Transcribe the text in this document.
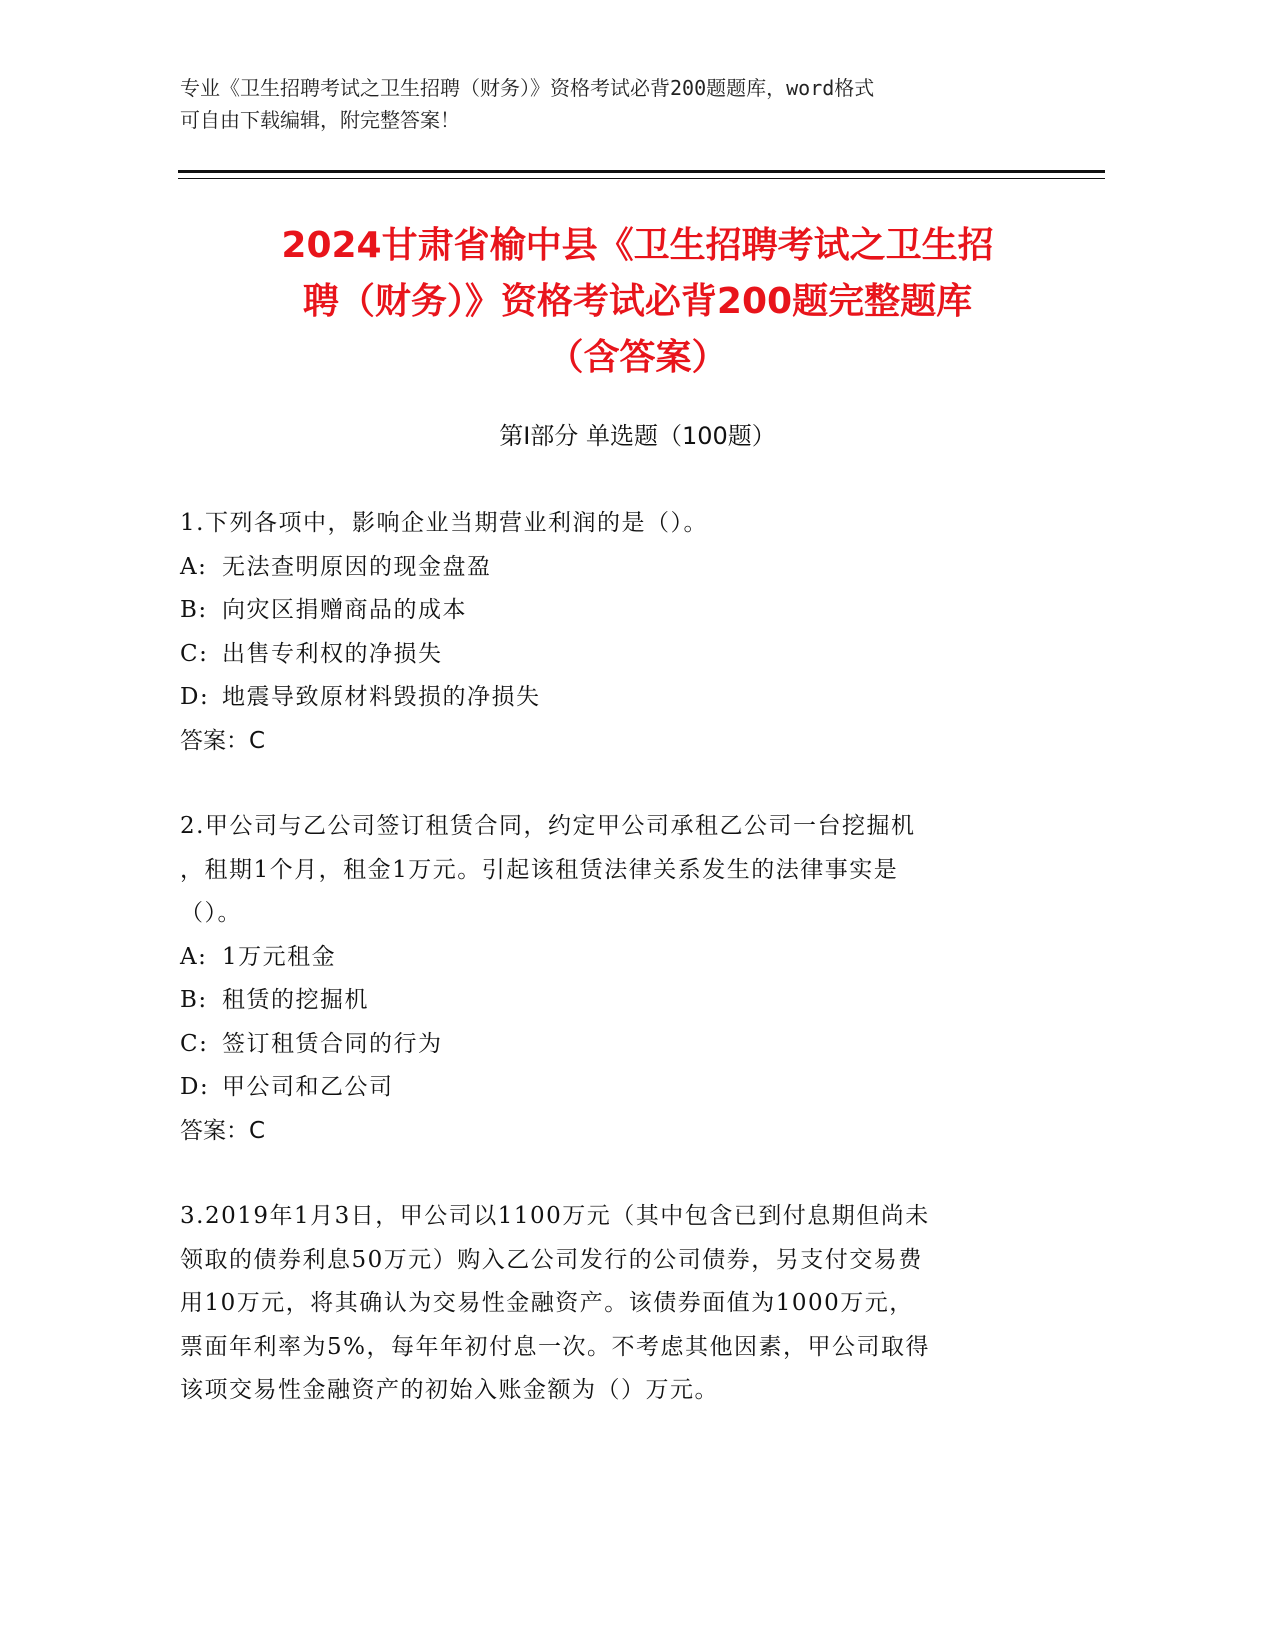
专业《卫生招聘考试之卫生招聘（财务）》资格考试必背200题题库，word格式
可自由下载编辑，附完整答案！
2024甘肃省榆中县《卫生招聘考试之卫生招
聘（财务）》资格考试必背200题完整题库
（含答案）
第I部分 单选题（100题）
1.下列各项中，影响企业当期营业利润的是（）。
A: 无法查明原因的现金盘盈
B: 向灾区捐赠商品的成本
C: 出售专利权的净损失
D: 地震导致原材料毁损的净损失
答案：C
2.甲公司与乙公司签订租赁合同，约定甲公司承租乙公司一台挖掘机
，租期1个月，租金1万元。引起该租赁法律关系发生的法律事实是
（）。
A: 1万元租金
B: 租赁的挖掘机
C: 签订租赁合同的行为
D: 甲公司和乙公司
答案：C
3.2019年1月3日，甲公司以1100万元（其中包含已到付息期但尚未
领取的债券利息50万元）购入乙公司发行的公司债券，另支付交易费
用10万元，将其确认为交易性金融资产。该债券面值为1000万元，
票面年利率为5%，每年年初付息一次。不考虑其他因素，甲公司取得
该项交易性金融资产的初始入账金额为（）万元。
